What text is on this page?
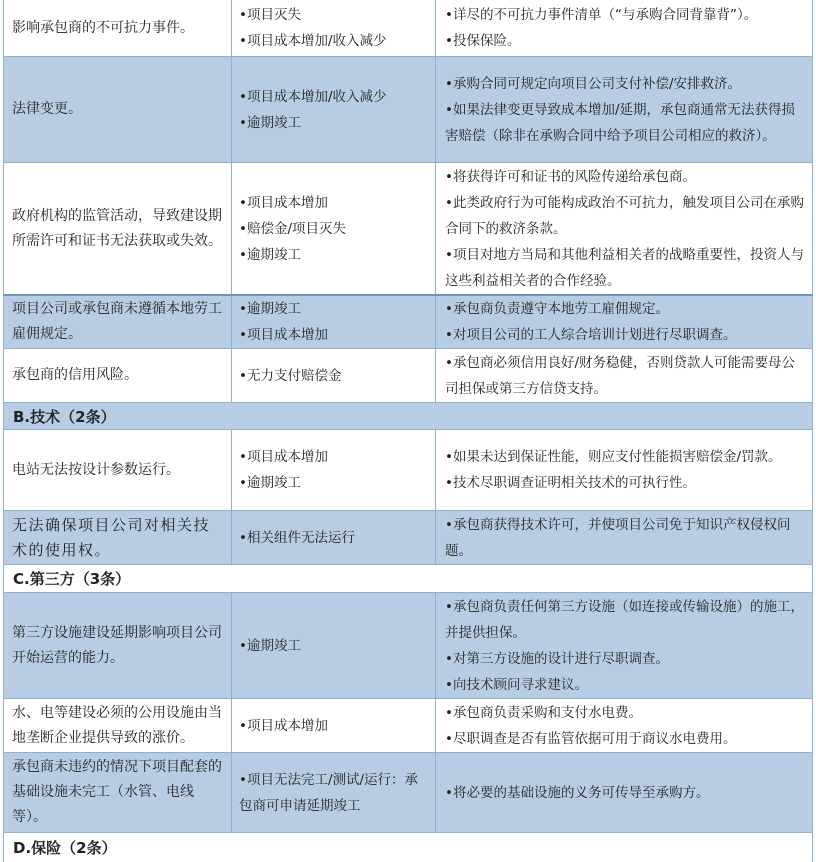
影响承包商的不可抗力事件。

•项目灭失

•项目成本增加/收入减少

•详尽的不可抗力事件清单（“与承购合同背靠背”）。

•投保保险。

法律变更。

•项目成本增加/收入减少

•逾期竣工

•承购合同可规定向项目公司支付补偿/安排救济。

•如果法律变更导致成本增加/延期，承包商通常无法获得损害赔偿（除非在承购合同中给予项目公司相应的救济）。

政府机构的监管活动，导致建设期所需许可和证书无法获取或失效。

•项目成本增加

•赔偿金/项目灭失

•逾期竣工

•将获得许可和证书的风险传递给承包商。

•此类政府行为可能构成政治不可抗力，触发项目公司在承购合同下的救济条款。

•项目对地方当局和其他利益相关者的战略重要性，投资人与这些利益相关者的合作经验。

项目公司或承包商未遵循本地劳工雇佣规定。

•逾期竣工

•项目成本增加

•承包商负责遵守本地劳工雇佣规定。

•对项目公司的工人综合培训计划进行尽职调查。

承包商的信用风险。	•无力支付赔偿金

•承包商必须信用良好/财务稳健，否则贷款人可能需要母公司担保或第三方信贷支持。

B.技术（2条）

电站无法按设计参数运行。

•项目成本增加

•逾期竣工

•如果未达到保证性能，则应支付性能损害赔偿金/罚款。

•技术尽职调查证明相关技术的可执行性。

无法确保项目公司对相关技术的使用权。

•相关组件无法运行

•承包商获得技术许可，并使项目公司免于知识产权侵权问题。

C.第三方（3条）

第三方设施建设延期影响项目公司开始运营的能力。

•逾期竣工

•承包商负责任何第三方设施（如连接或传输设施）的施工，并提供担保。

•对第三方设施的设计进行尽职调查。

•向技术顾问寻求建议。

水、电等建设必须的公用设施由当地垄断企业提供导致的涨价。

•项目成本增加

•承包商负责采购和支付水电费。

•尽职调查是否有监管依据可用于商议水电费用。

承包商未违约的情况下项目配套的基础设施未完工（水管、电线等）。

•项目无法完工/测试/运行：承包商可申请延期竣工

•将必要的基础设施的义务可传导至承购方。

D.保险（2条）
